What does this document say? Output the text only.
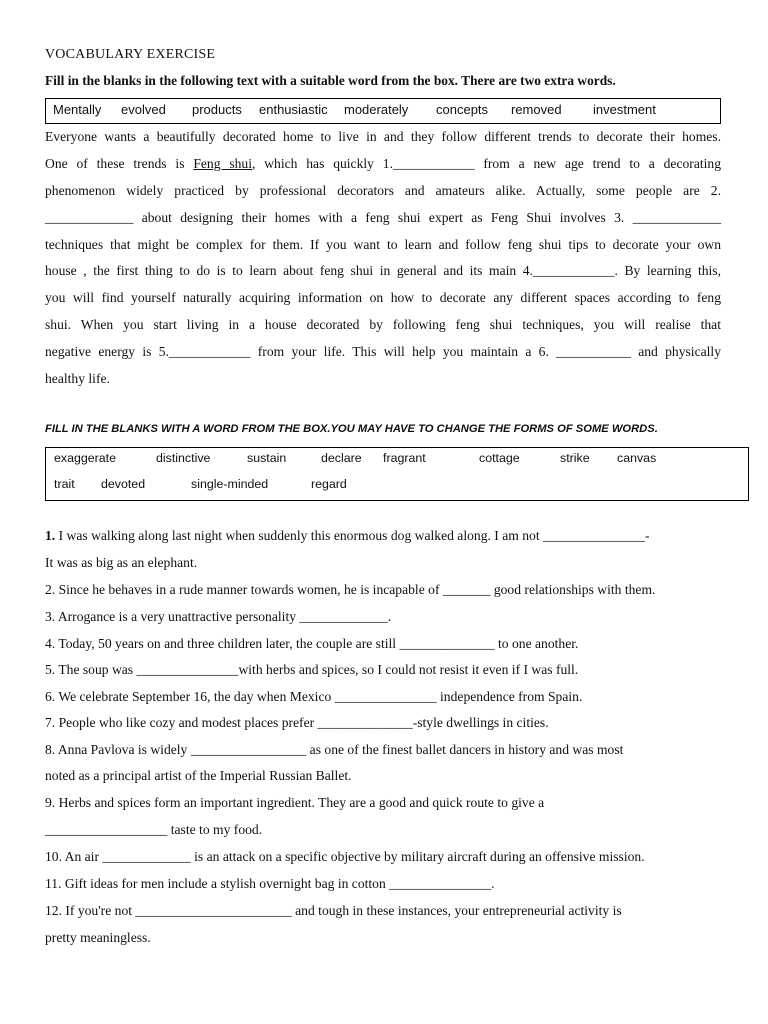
VOCABULARY EXERCISE
Fill in the blanks in the following text with a suitable word from the box. There are two extra words.
Mentally evolved products enthusiastic moderately concepts removed investment
Everyone wants a beautifully decorated home to live in and they follow different trends to decorate their homes.
One of these trends is Feng shui, which has quickly 1.____________ from a new age trend to a decorating
phenomenon widely practiced by professional decorators and amateurs alike. Actually, some people are 2.
_____________ about designing their homes with a feng shui expert as Feng Shui involves 3. _____________
techniques that might be complex for them. If you want to learn and follow feng shui tips to decorate your own
house , the first thing to do is to learn about feng shui in general and its main 4.____________. By learning this,
you will find yourself naturally acquiring information on how to decorate any different spaces according to feng
shui. When you start living in a house decorated by following feng shui techniques, you will realise that
negative energy is 5.____________ from your life. This will help you maintain a 6. ___________ and physically
healthy life.
FILL IN THE BLANKS WITH A WORD FROM THE BOX.YOU MAY HAVE TO CHANGE THE FORMS OF SOME WORDS.
exaggerate	distinctive	sustain	declare fragrant	cottage	strike canvas
trait devoted	single-minded	regard
1. I was walking along last night when suddenly this enormous dog walked along. I am not _______________-
It was as big as an elephant.
2. Since he behaves in a rude manner towards women, he is incapable of _______ good relationships with them.
3. Arrogance is a very unattractive personality _____________.
4. Today, 50 years on and three children later, the couple are still ______________ to one another.
5. The soup was _______________with herbs and spices, so I could not resist it even if I was full.
6. We celebrate September 16, the day when Mexico _______________ independence from Spain.
7. People who like cozy and modest places prefer ______________-style dwellings in cities.
8. Anna Pavlova is widely _________________ as one of the finest ballet dancers in history and was most
noted as a principal artist of the Imperial Russian Ballet.
9. Herbs and spices form an important ingredient. They are a good and quick route to give a
__________________ taste to my food.
10. An air _____________ is an attack on a specific objective by military aircraft during an offensive mission.
11. Gift ideas for men include a stylish overnight bag in cotton _______________.
12. If you're not _______________________ and tough in these instances, your entrepreneurial activity is
pretty meaningless.
